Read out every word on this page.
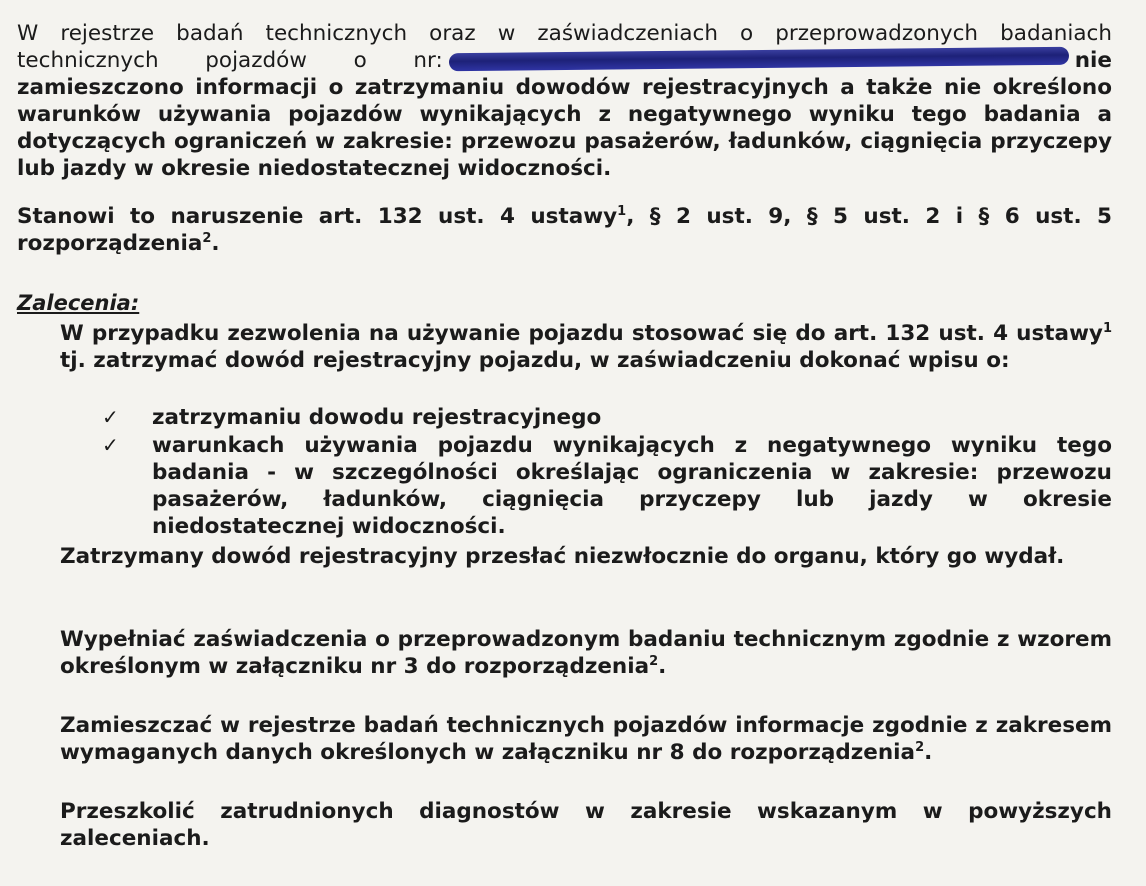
W rejestrze badań technicznych oraz w zaświadczeniach o przeprowadzonych badaniach
technicznych pojazdów o nr:	nie
zamieszczono informacji o zatrzymaniu dowodów rejestracyjnych a także nie określono warunków używania pojazdów wynikających z negatywnego wyniku tego badania a dotyczących ograniczeń w zakresie: przewozu pasażerów, ładunków, ciągnięcia przyczepy lub jazdy w okresie niedostatecznej widoczności.
Stanowi to naruszenie art. 132 ust. 4 ustawy$^1$, § 2 ust. 9, § 5 ust. 2 i § 6 ust. 5 rozporządzenia$^2$.
Zalecenia:
W przypadku zezwolenia na używanie pojazdu stosować się do art. 132 ust. 4 ustawy$^1$ tj. zatrzymać dowód rejestracyjny pojazdu, w zaświadczeniu dokonać wpisu o:
✓ zatrzymaniu dowodu rejestracyjnego
✓ warunkach używania pojazdu wynikających z negatywnego wyniku tego badania - w szczególności określając ograniczenia w zakresie: przewozu pasażerów, ładunków, ciągnięcia przyczepy lub jazdy w okresie niedostatecznej widoczności.
Zatrzymany dowód rejestracyjny przesłać niezwłocznie do organu, który go wydał.
Wypełniać zaświadczenia o przeprowadzonym badaniu technicznym zgodnie z wzorem określonym w załączniku nr 3 do rozporządzenia$^2$.
Zamieszczać w rejestrze badań technicznych pojazdów informacje zgodnie z zakresem wymaganych danych określonych w załączniku nr 8 do rozporządzenia$^2$.
Przeszkolić zatrudnionych diagnostów w zakresie wskazanym w powyższych zaleceniach.
